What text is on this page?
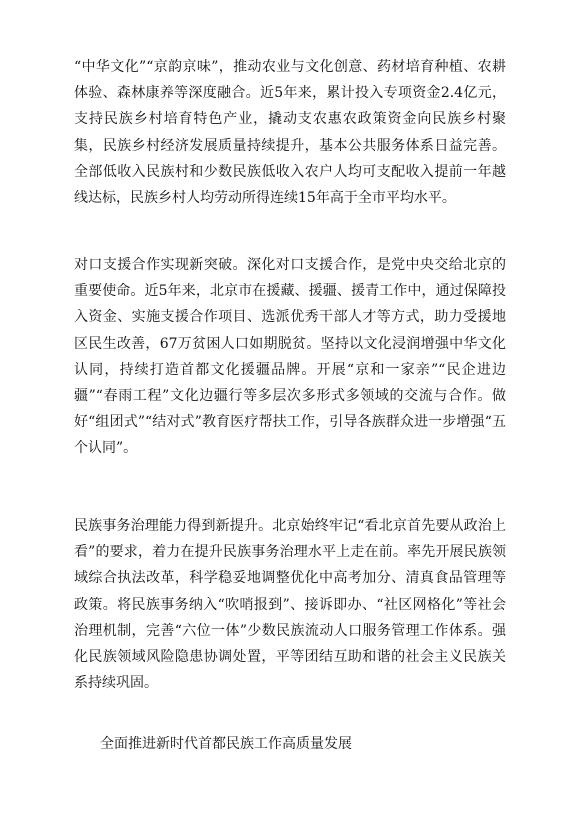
“中华文化”“京韵京味”，推动农业与文化创意、药材培育种植、农耕体验、森林康养等深度融合。近5年来，累计投入专项资金2.4亿元，支持民族乡村培育特色产业，撬动支农惠农政策资金向民族乡村聚集，民族乡村经济发展质量持续提升，基本公共服务体系日益完善。全部低收入民族村和少数民族低收入农户人均可支配收入提前一年越线达标，民族乡村人均劳动所得连续15年高于全市平均水平。

对口支援合作实现新突破。深化对口支援合作，是党中央交给北京的重要使命。近5年来，北京市在援藏、援疆、援青工作中，通过保障投入资金、实施支援合作项目、选派优秀干部人才等方式，助力受援地区民生改善，67万贫困人口如期脱贫。坚持以文化浸润增强中华文化认同，持续打造首都文化援疆品牌。开展“京和一家亲”“民企进边疆”“春雨工程”文化边疆行等多层次多形式多领域的交流与合作。做好“组团式”“结对式”教育医疗帮扶工作，引导各族群众进一步增强“五个认同”。

民族事务治理能力得到新提升。北京始终牢记“看北京首先要从政治上看”的要求，着力在提升民族事务治理水平上走在前。率先开展民族领域综合执法改革，科学稳妥地调整优化中高考加分、清真食品管理等政策。将民族事务纳入“吹哨报到”、接诉即办、“社区网格化”等社会治理机制，完善“六位一体”少数民族流动人口服务管理工作体系。强化民族领域风险隐患协调处置，平等团结互助和谐的社会主义民族关系持续巩固。

全面推进新时代首都民族工作高质量发展
